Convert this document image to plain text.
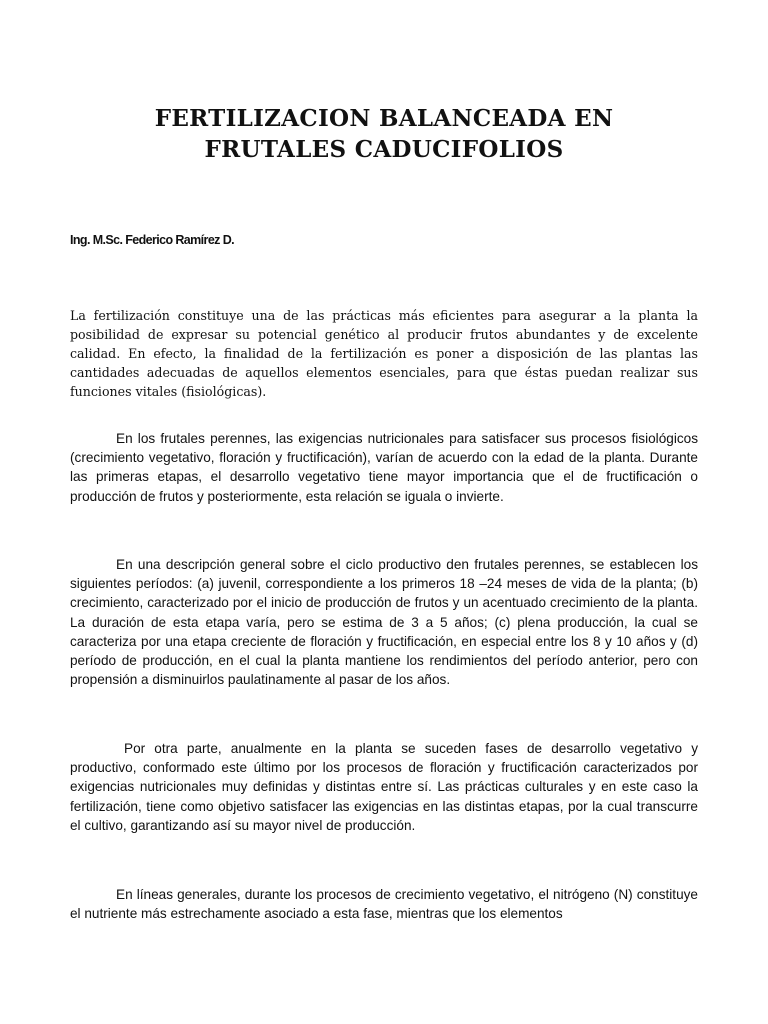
FERTILIZACION BALANCEADA EN
FRUTALES CADUCIFOLIOS

Ing. M.Sc. Federico Ramírez D.

La fertilización constituye una de las prácticas más eficientes para asegurar a la planta la posibilidad de expresar su potencial genético al producir frutos abundantes y de excelente calidad. En efecto, la finalidad de la fertilización es poner a disposición de las plantas las cantidades adecuadas de aquellos elementos esenciales, para que éstas puedan realizar sus funciones vitales (fisiológicas).

En los frutales perennes, las exigencias nutricionales para satisfacer sus procesos fisiológicos (crecimiento vegetativo, floración y fructificación), varían de acuerdo con la edad de la planta. Durante las primeras etapas, el desarrollo vegetativo tiene mayor importancia que el de fructificación o producción de frutos y posteriormente, esta relación se iguala o invierte.

En una descripción general sobre el ciclo productivo den frutales perennes, se establecen los siguientes períodos: (a) juvenil, correspondiente a los primeros 18 –24 meses de vida de la planta; (b) crecimiento, caracterizado por el inicio de producción de frutos y un acentuado crecimiento de la planta. La duración de esta etapa varía, pero se estima de 3 a 5 años; (c) plena producción, la cual se caracteriza por una etapa creciente de floración y fructificación, en especial entre los 8 y 10 años y (d) período de producción, en el cual la planta mantiene los rendimientos del período anterior, pero con propensión a disminuirlos paulatinamente al pasar de los años.

Por otra parte, anualmente en la planta se suceden fases de desarrollo vegetativo y productivo, conformado este último por los procesos de floración y fructificación caracterizados por exigencias nutricionales muy definidas y distintas entre sí. Las prácticas culturales y en este caso la fertilización, tiene como objetivo satisfacer las exigencias en las distintas etapas, por la cual transcurre el cultivo, garantizando así su mayor nivel de producción.

En líneas generales, durante los procesos de crecimiento vegetativo, el nitrógeno (N) constituye el nutriente más estrechamente asociado a esta fase, mientras que los elementos
